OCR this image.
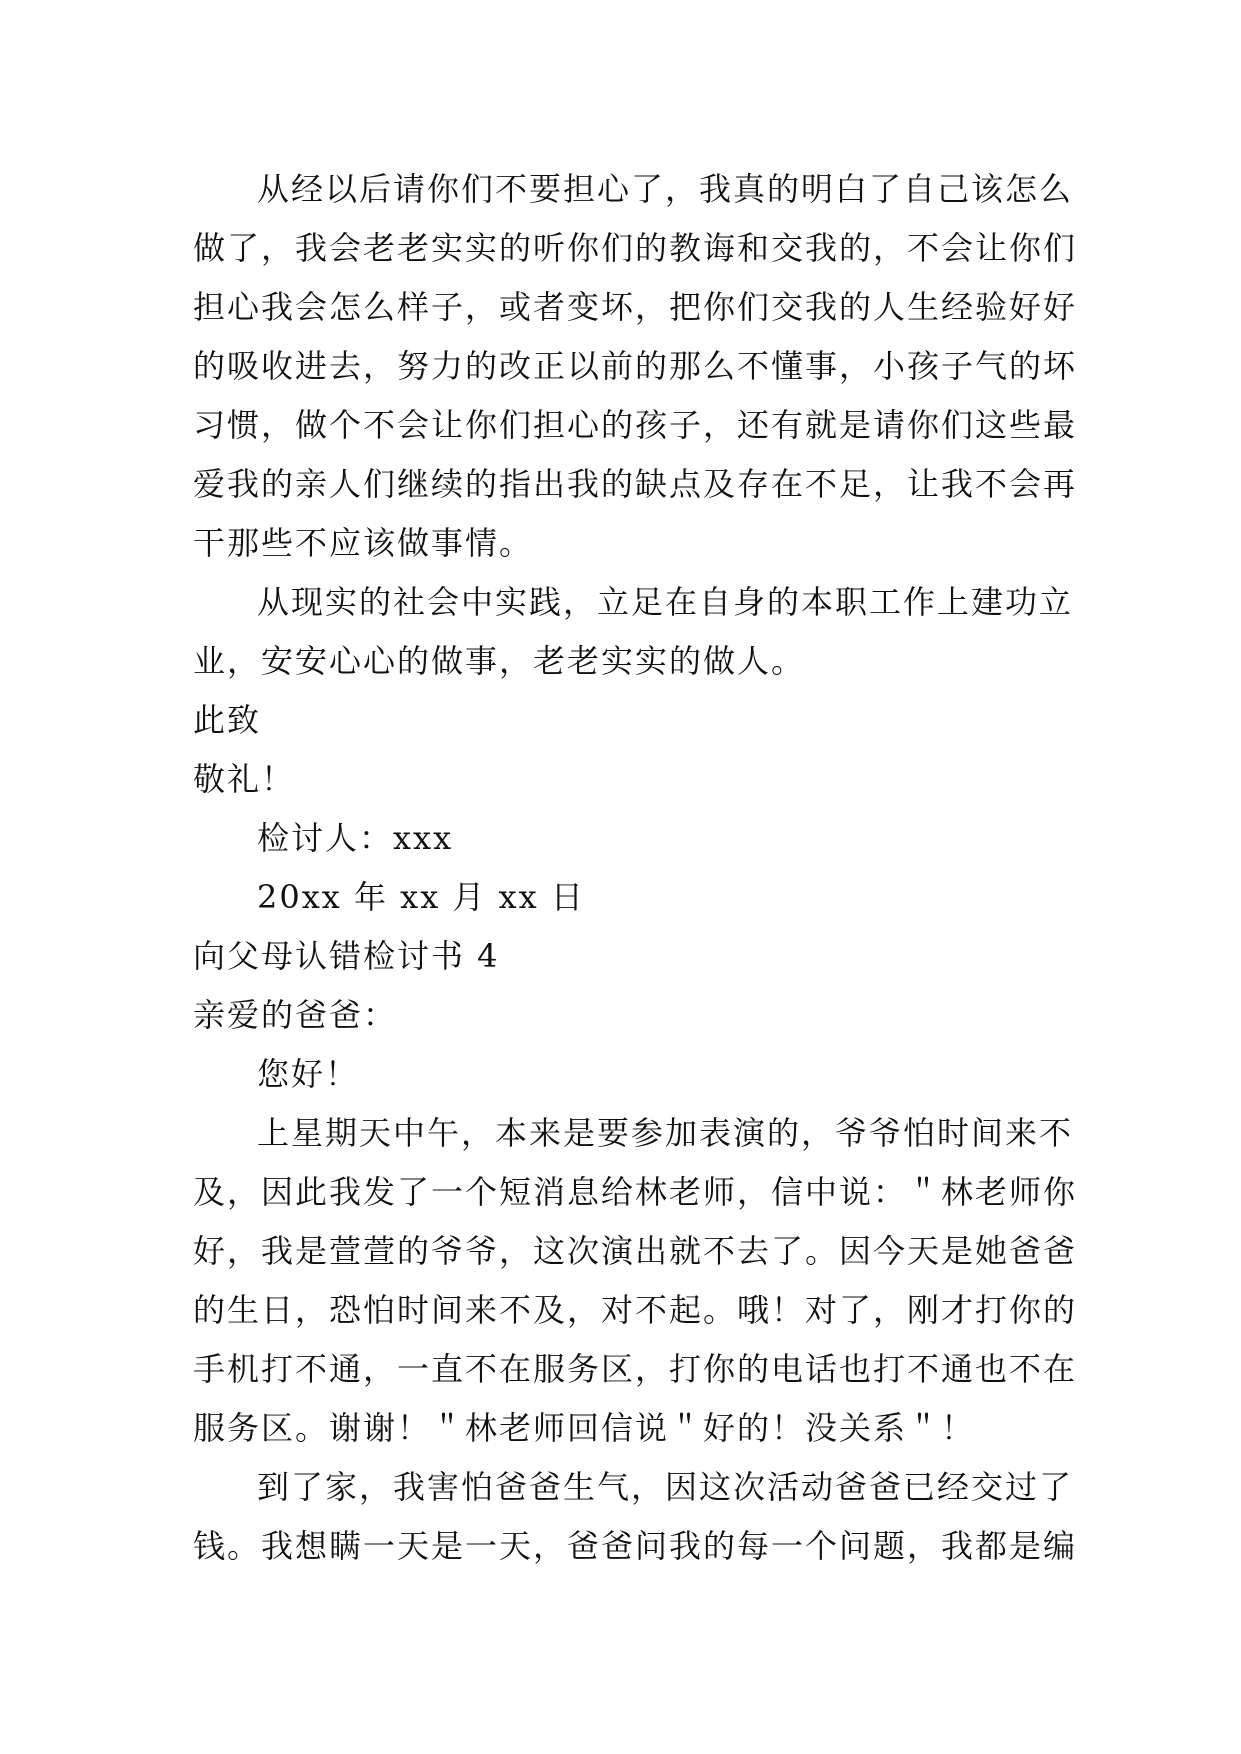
从经以后请你们不要担心了，我真的明白了自己该怎么
做了，我会老老实实的听你们的教诲和交我的，不会让你们
担心我会怎么样子，或者变坏，把你们交我的人生经验好好
的吸收进去，努力的改正以前的那么不懂事，小孩子气的坏
习惯，做个不会让你们担心的孩子，还有就是请你们这些最
爱我的亲人们继续的指出我的缺点及存在不足，让我不会再
干那些不应该做事情。
从现实的社会中实践，立足在自身的本职工作上建功立
业，安安心心的做事，老老实实的做人。
此致
敬礼！
检讨人：xxx
20xx 年 xx 月 xx 日
向父母认错检讨书 4
亲爱的爸爸：
您好！
上星期天中午，本来是要参加表演的，爷爷怕时间来不
及，因此我发了一个短消息给林老师，信中说：＂林老师你
好，我是萱萱的爷爷，这次演出就不去了。因今天是她爸爸
的生日，恐怕时间来不及，对不起。哦！对了，刚才打你的
手机打不通，一直不在服务区，打你的电话也打不通也不在
服务区。谢谢！＂林老师回信说＂好的！没关系＂！
到了家，我害怕爸爸生气，因这次活动爸爸已经交过了
钱。我想瞒一天是一天，爸爸问我的每一个问题，我都是编
